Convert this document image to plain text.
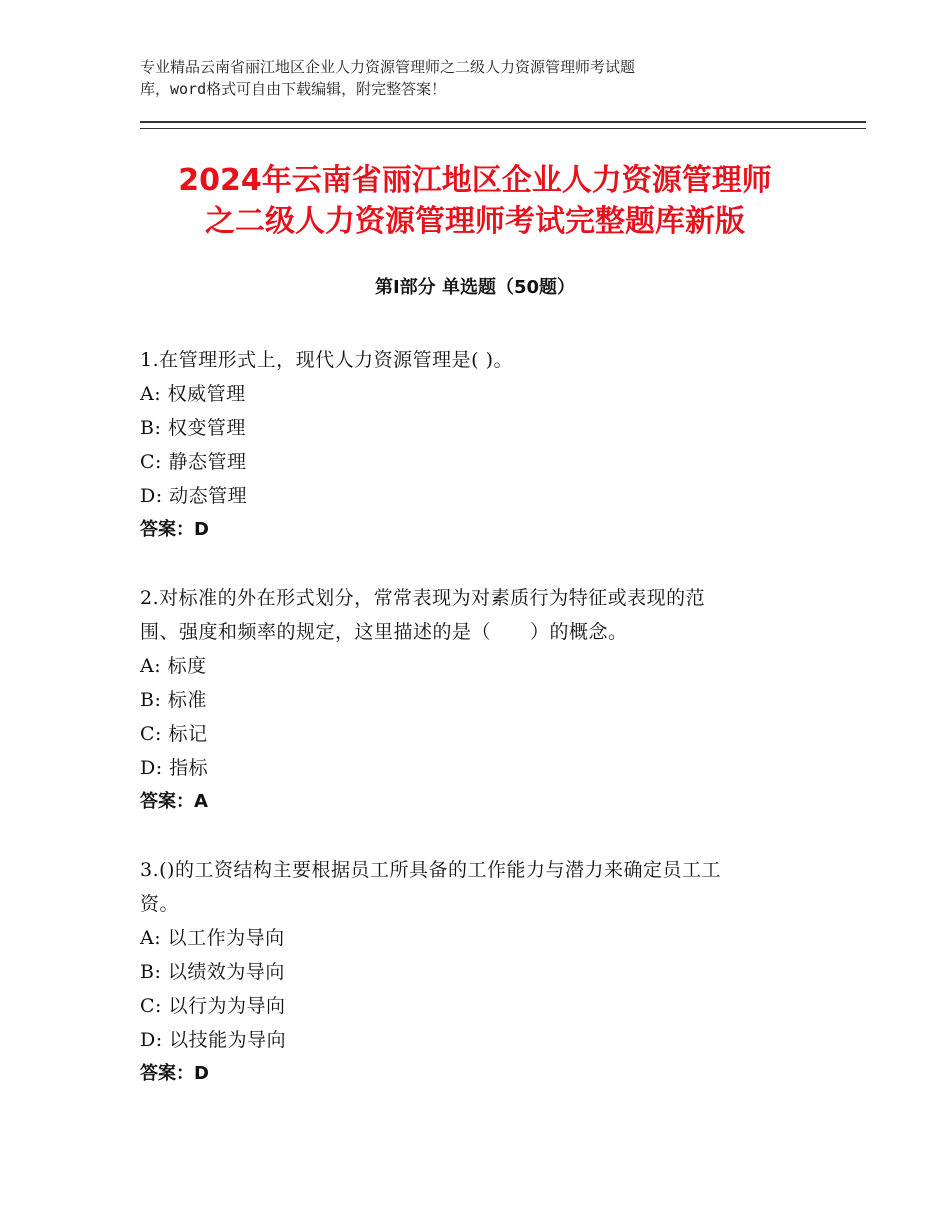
专业精品云南省丽江地区企业人力资源管理师之二级人力资源管理师考试题
库，word格式可自由下载编辑，附完整答案！
2024年云南省丽江地区企业人力资源管理师
之二级人力资源管理师考试完整题库新版
第Ⅰ部分 单选题（50题）

1.在管理形式上，现代人力资源管理是( )。

A: 权威管理

B: 权变管理

C: 静态管理

D: 动态管理

答案：D

2.对标准的外在形式划分，常常表现为对素质行为特征或表现的范

围、强度和频率的规定，这里描述的是（　　）的概念。

A: 标度

B: 标准

C: 标记

D: 指标

答案：A

3.()的工资结构主要根据员工所具备的工作能力与潜力来确定员工工

资。

A: 以工作为导向

B: 以绩效为导向

C: 以行为为导向

D: 以技能为导向

答案：D
